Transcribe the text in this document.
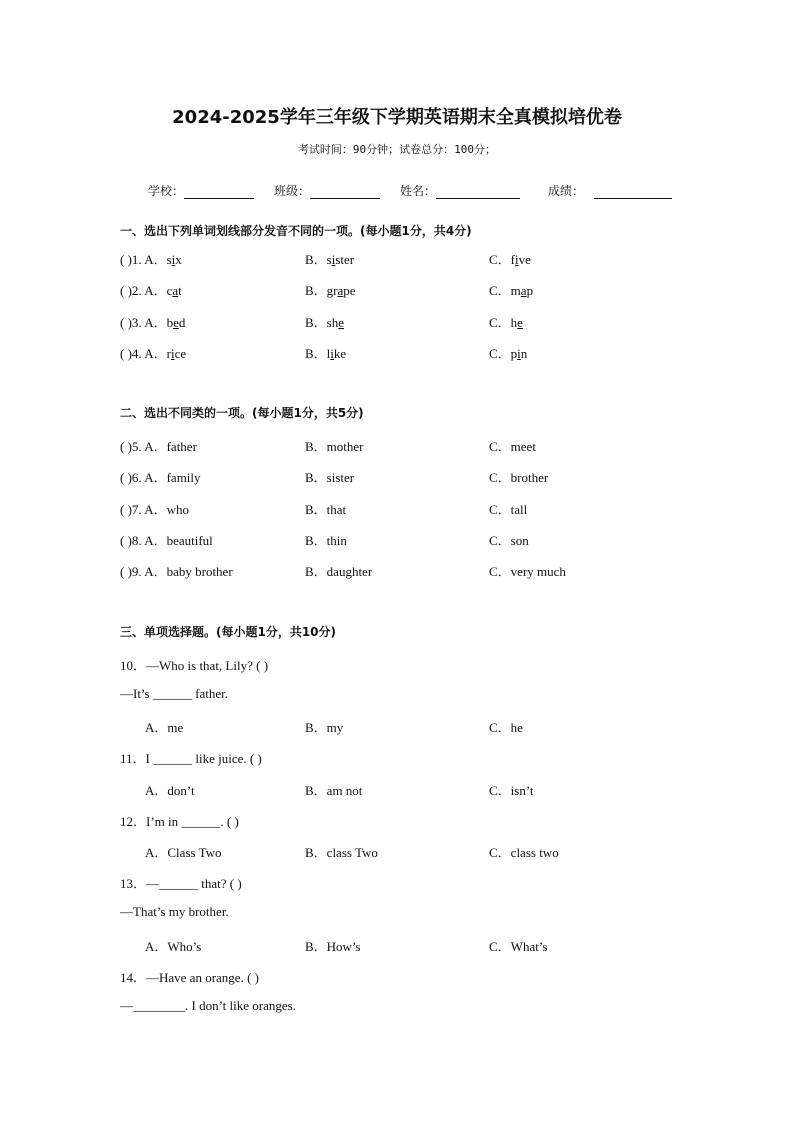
2024-2025学年三年级下学期英语期末全真模拟培优卷
考试时间：90分钟；试卷总分：100分；
学校：	班级：	姓名：	成绩：
一、选出下列单词划线部分发音不同的一项。(每小题1分，共4分)
( )1. A．six	B．sister	C．five
( )2. A．cat	B．grape	C．map
( )3. A．bed	B．she	C．he
( )4. A．rice	B．like	C．pin
二、选出不同类的一项。(每小题1分，共5分)
( )5. A．father	B．mother	C．meet
( )6. A．family	B．sister	C．brother
( )7. A．who	B．that	C．tall
( )8. A．beautiful	B．thin	C．son
( )9. A．baby brother	B．daughter	C．very much
三、单项选择题。(每小题1分，共10分)
10．—Who is that, Lily? ( )
—It’s ______ father.
A．me	B．my	C．he
11．I ______ like juice. ( )
A．don’t	B．am not	C．isn’t
12．I’m in ______. ( )
A．Class Two	B．class Two	C．class two
13．—______ that? ( )
—That’s my brother.
A．Who’s	B．How’s	C．What’s
14．—Have an orange. ( )
—________. I don’t like oranges.
